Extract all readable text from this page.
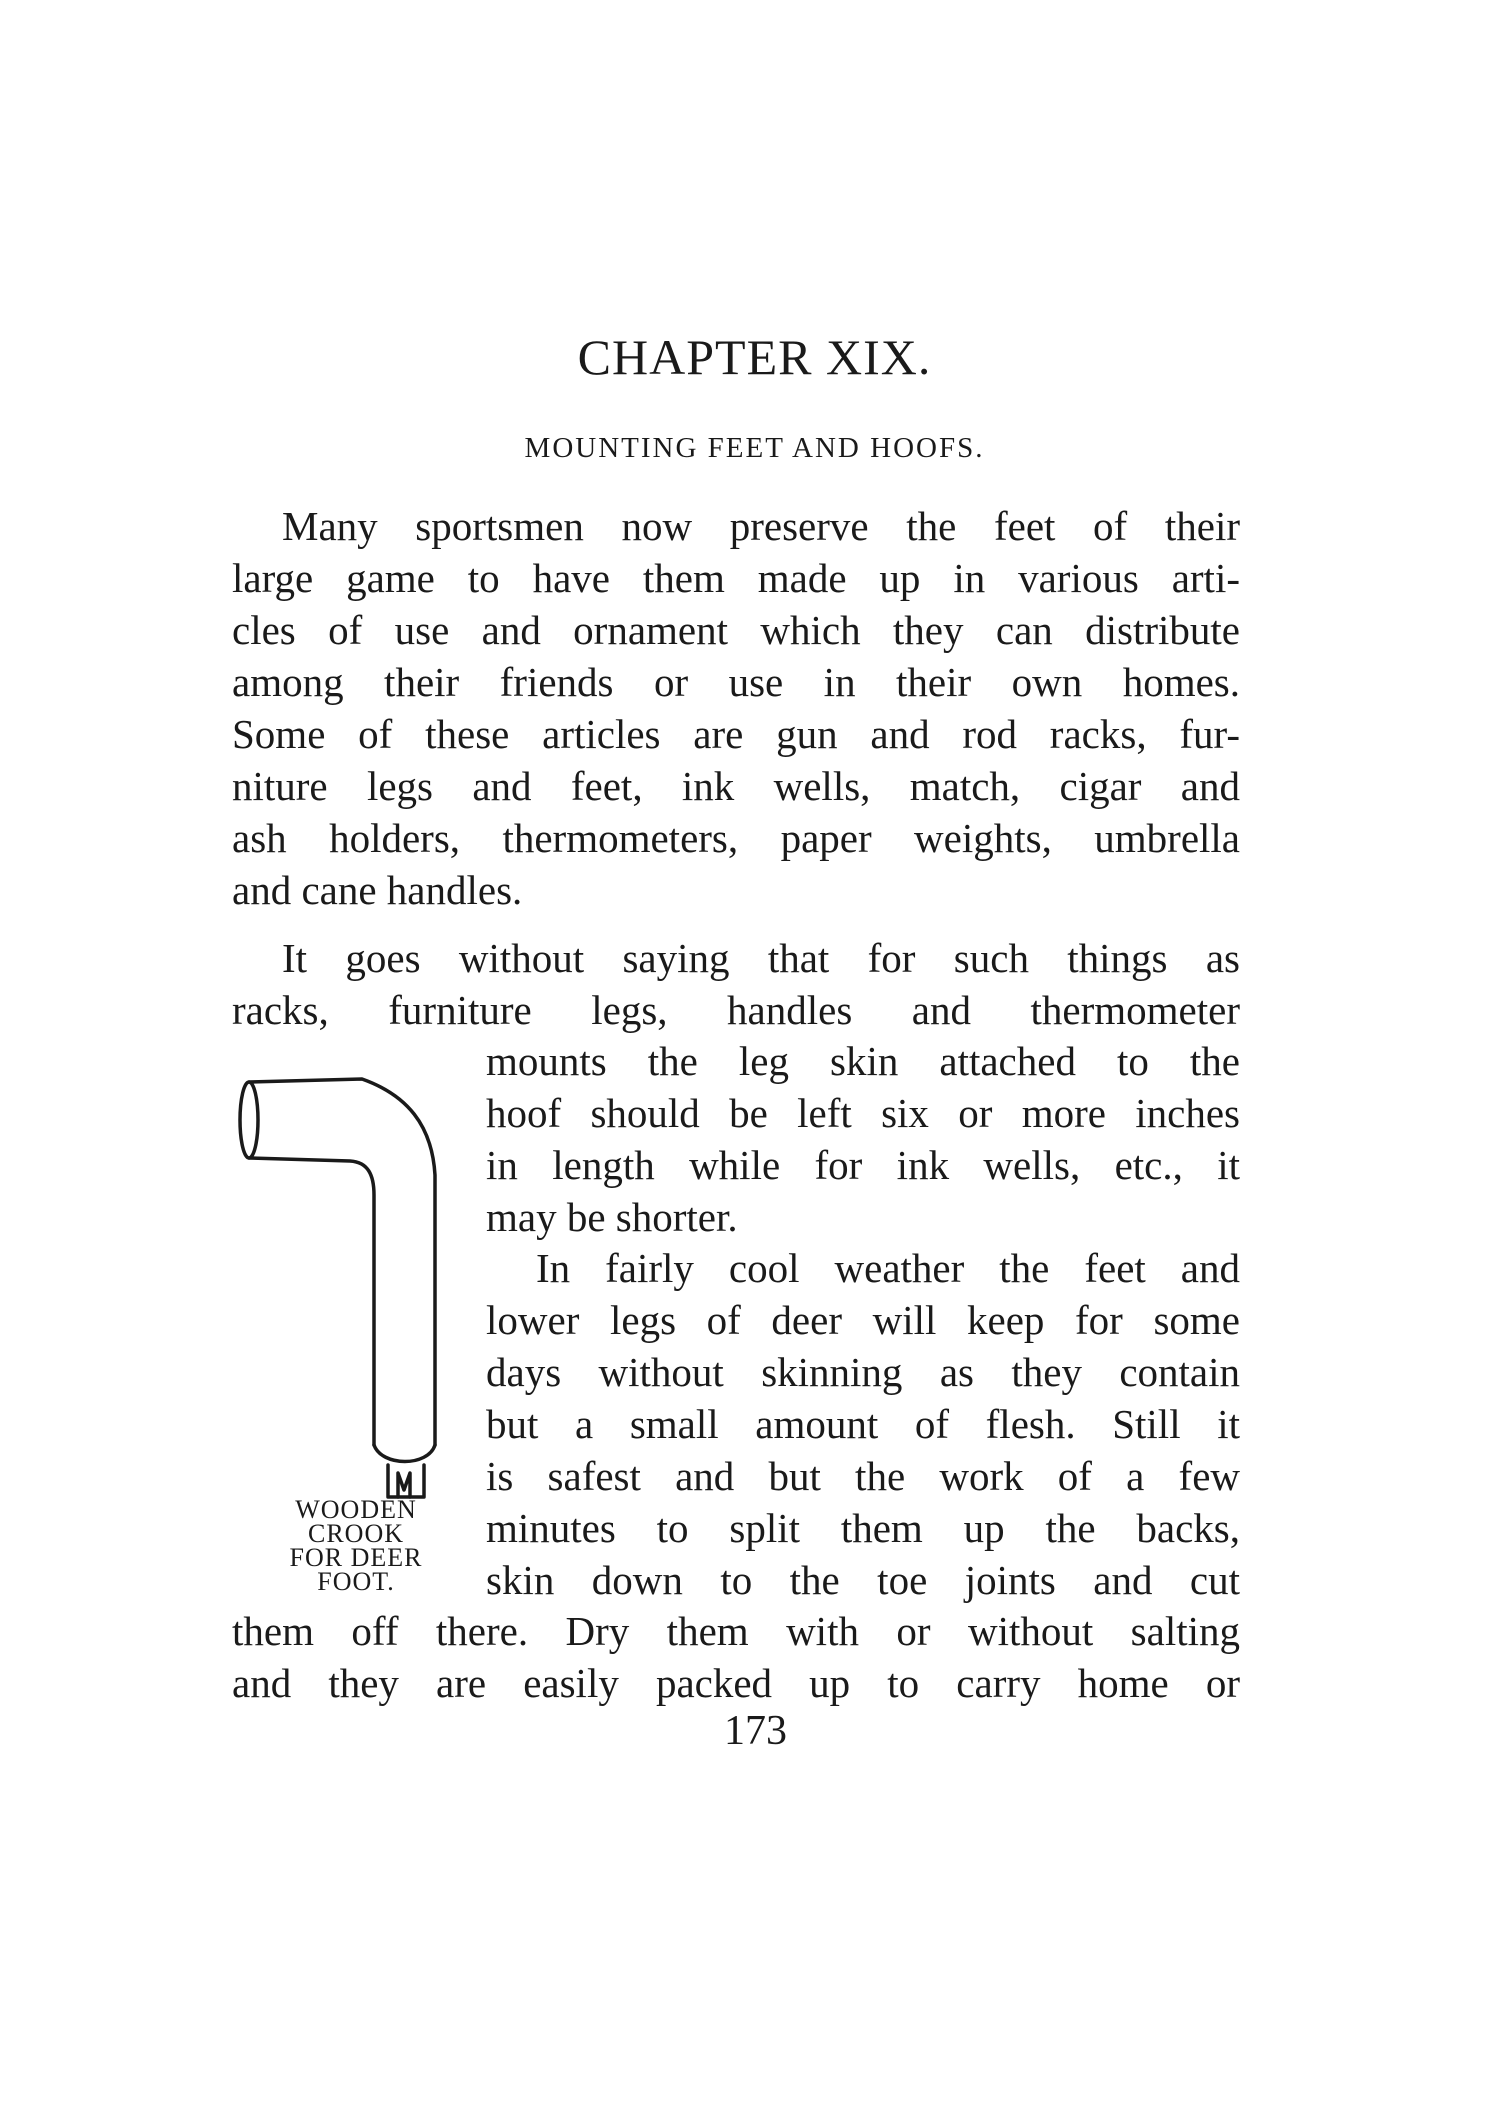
CHAPTER XIX.
MOUNTING FEET AND HOOFS.
Many sportsmen now preserve the feet of their
large game to have them made up in various arti-
cles of use and ornament which they can distribute
among their friends or use in their own homes.
Some of these articles are gun and rod racks, fur-
niture legs and feet, ink wells, match, cigar and
ash holders, thermometers, paper weights, umbrella
and cane handles.
It goes without saying that for such things as
racks, furniture legs, handles and thermometer
mounts the leg skin attached to the
hoof should be left six or more inches
in length while for ink wells, etc., it
may be shorter.
In fairly cool weather the feet and
lower legs of deer will keep for some
days without skinning as they contain
but a small amount of flesh. Still it
is safest and but the work of a few
minutes to split them up the backs,
skin down to the toe joints and cut
them off there. Dry them with or without salting
and they are easily packed up to carry home or
WOODEN
CROOK
FOR DEER
FOOT.
173
